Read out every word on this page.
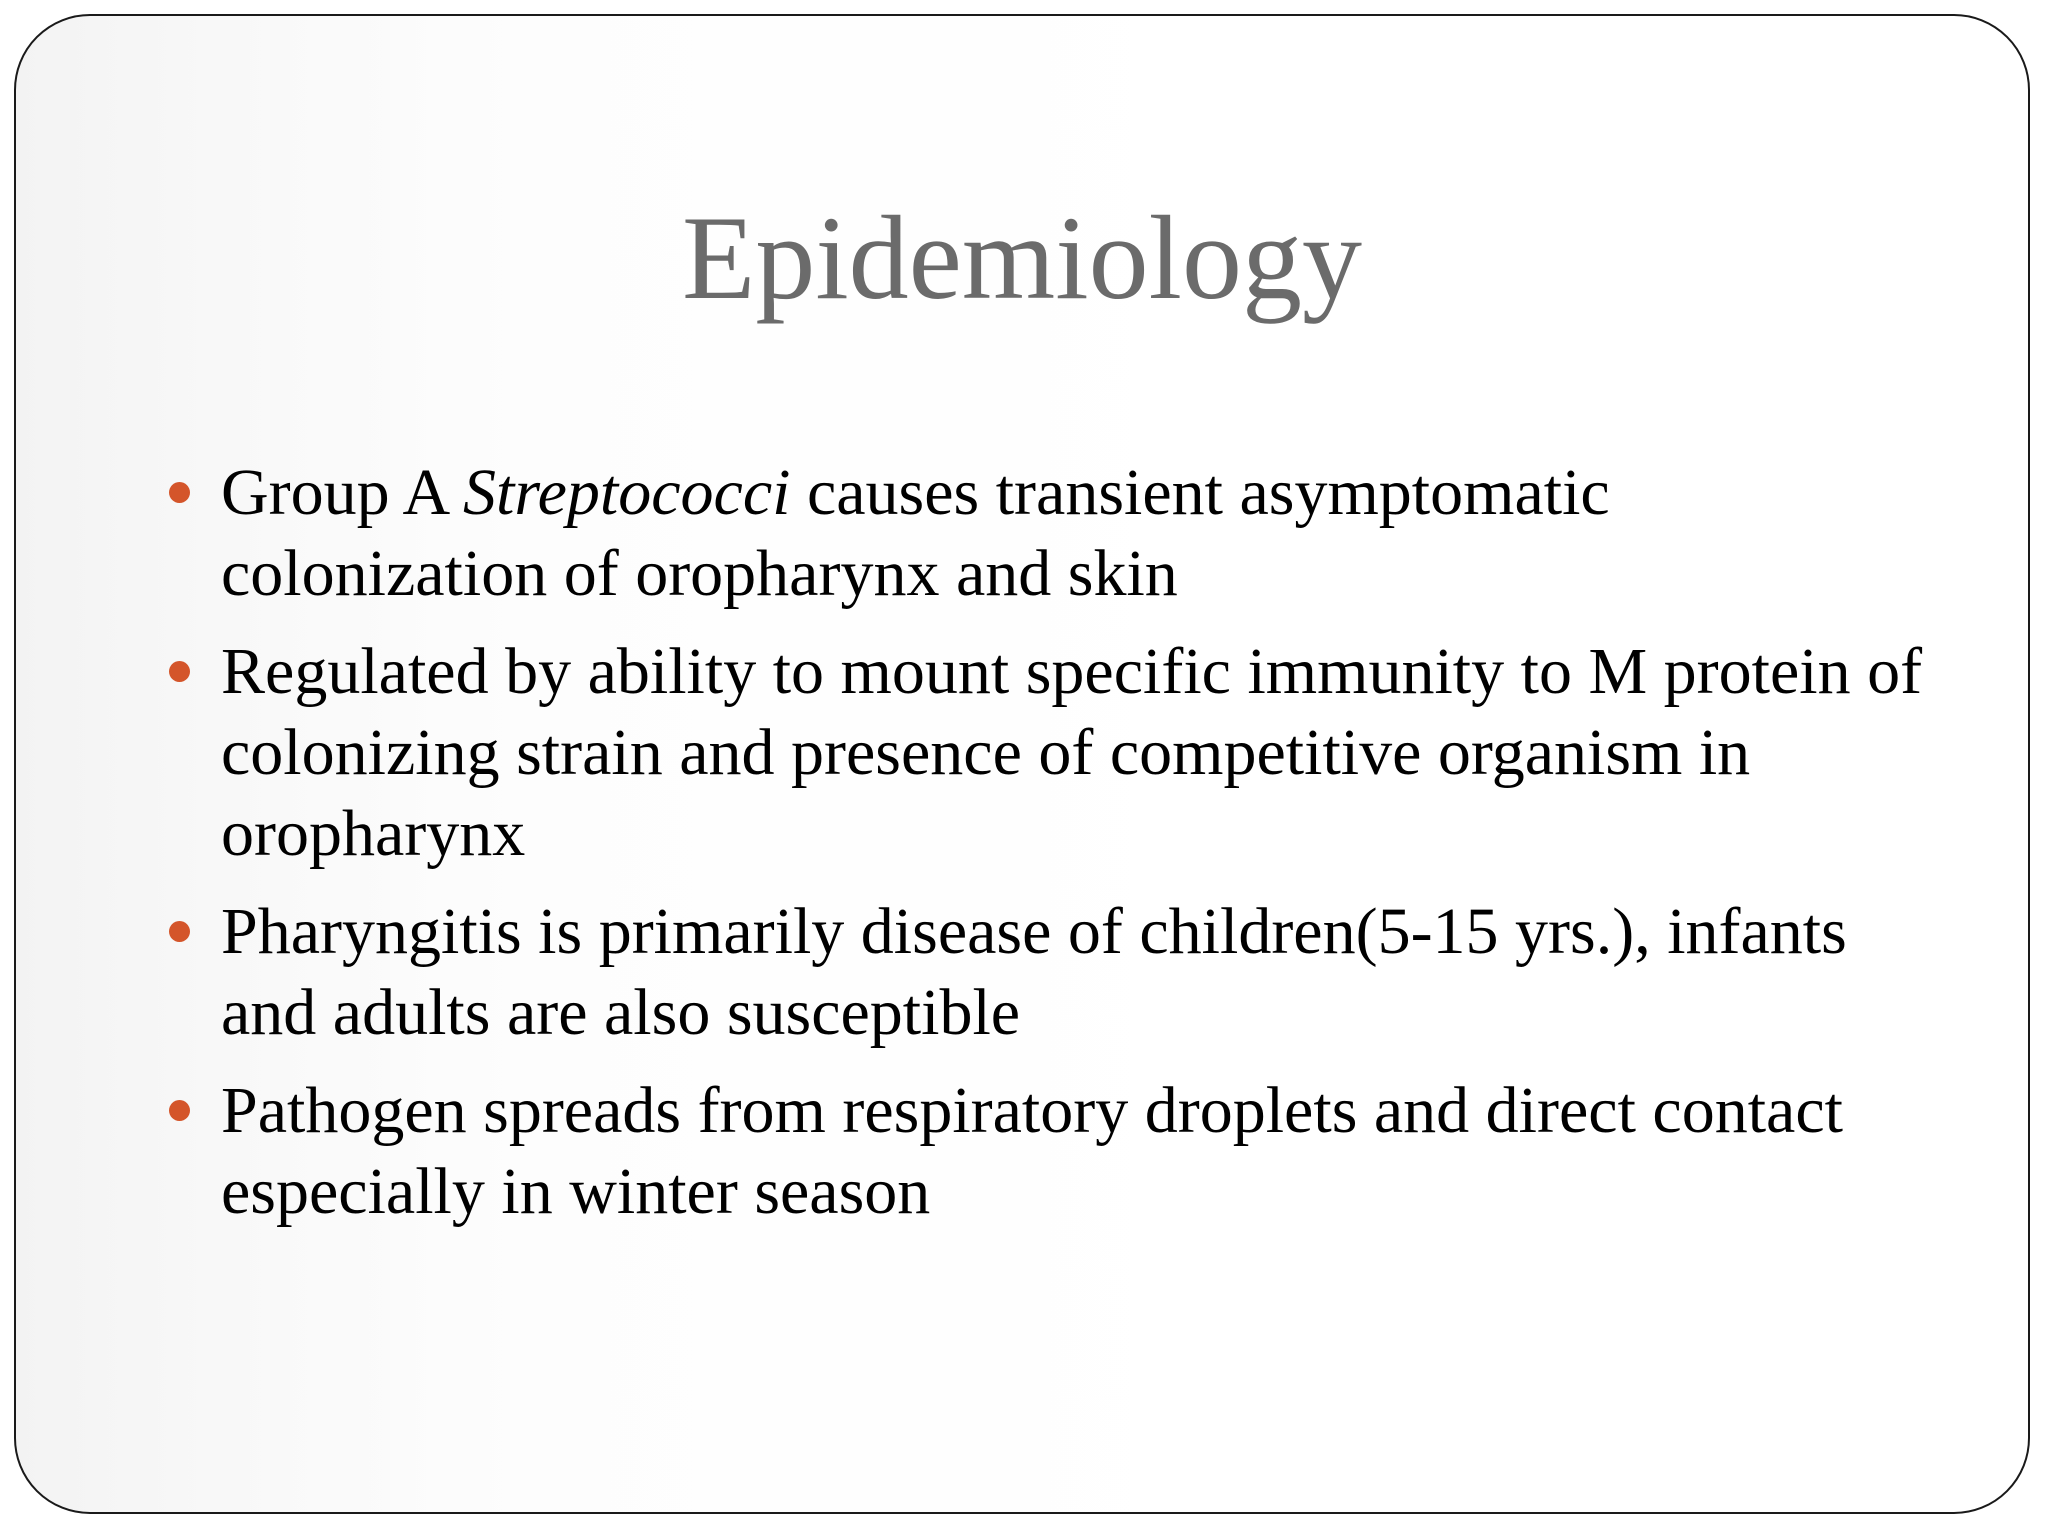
Epidemiology
Group A Streptococci causes transient asymptomatic colonization of oropharynx and skin
Regulated by ability to mount specific immunity to M protein of colonizing strain and presence of competitive organism in oropharynx
Pharyngitis is primarily disease of children(5-15 yrs.), infants and adults are also susceptible
Pathogen spreads from respiratory droplets and direct contact especially in winter season
